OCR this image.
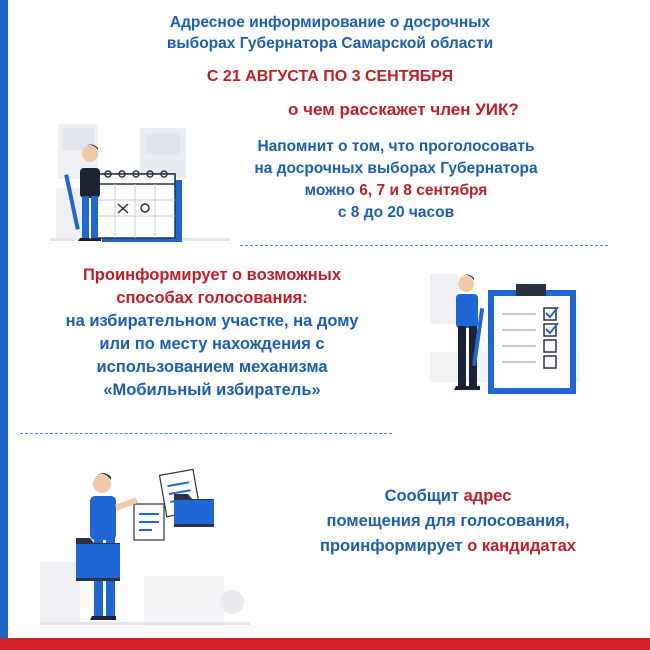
Адресное информирование о досрочных
выборах Губернатора Самарской области
С 21 АВГУСТА ПО 3 СЕНТЯБРЯ
о чем расскажет член УИК?
Напомнит о том, что проголосовать
на досрочных выборах Губернатора
можно 6, 7 и 8 сентября
с 8 до 20 часов
Проинформирует о возможных
способах голосования:
на избирательном участке, на дому
или по месту нахождения с
использованием механизма
«Мобильный избиратель»
Сообщит адрес
помещения для голосования,
проинформирует о кандидатах
